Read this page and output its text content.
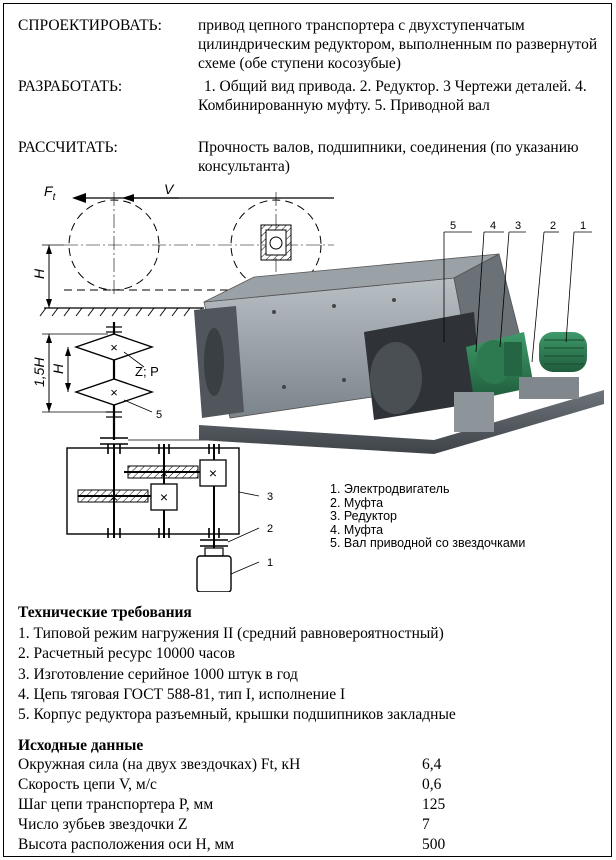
СПРОЕКТИРОВАТЬ: привод цепного транспортера с двухступенчатым цилиндрическим редуктором, выполненным по развернутой схеме (обе ступени косозубые)
РАЗРАБОТАТЬ:	1. Общий вид привода. 2. Редуктор. 3 Чертежи деталей. 4. Комбинированную муфту. 5. Приводной вал
РАССЧИТАТЬ:	Прочность валов, подшипники, соединения (по указанию консультанта)
$F_t$
V
H
1,5H H
×
×
Z; P
5
×
×
×
×	3
2
1
5	4 3	2 1
1. Электродвигатель
2. Муфта
3. Редуктор
4. Муфта
5. Вал приводной со звездочками
Технические требования
1. Типовой режим нагружения II (средний равновероятностный)
2. Расчетный ресурс 10000 часов
3. Изготовление серийное 1000 штук в год
4. Цепь тяговая ГОСТ 588-81, тип I, исполнение I
5. Корпус редуктора разъемный, крышки подшипников закладные
Исходные данные
Окружная сила (на двух звездочках) Ft, кН	6,4
Скорость цепи V, м/с	0,6
Шаг цепи транспортера P, мм	125
Число зубьев звездочки Z	7
Высота расположения оси H, мм	500
